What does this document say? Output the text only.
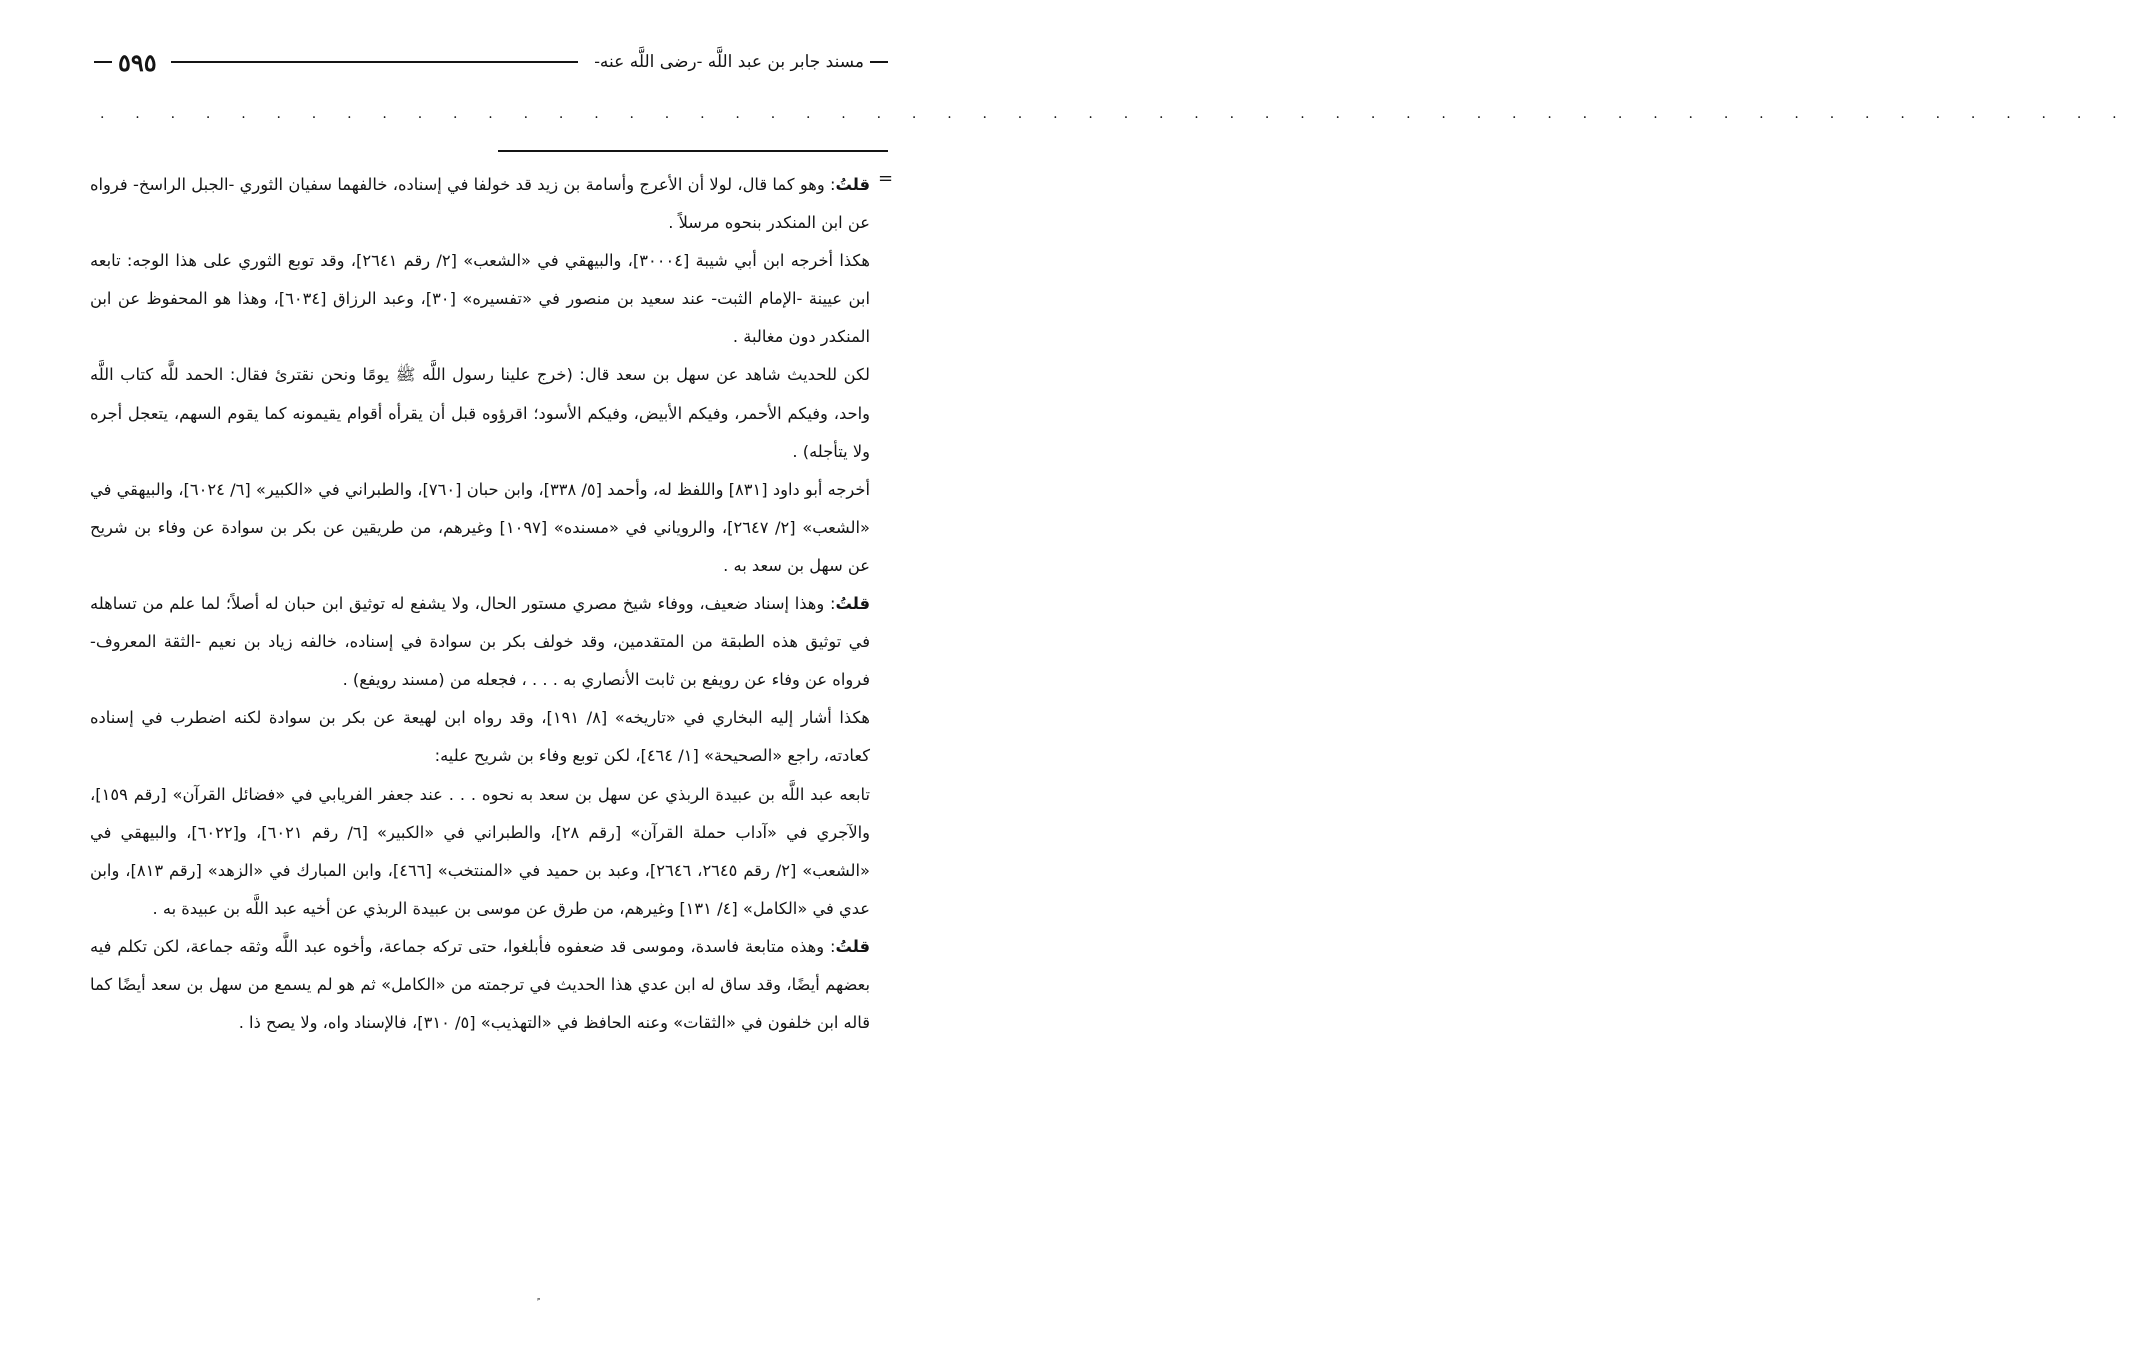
مسند جابر بن عبد اللَّه -رضى اللَّه عنه-
٥٩٥
. . . . . . . . . . . . . . . . . . . . . . . . . . . . . . . . . . . . . . . . . . . . . . . . . . . . . . . . . .
=

قلتُ: وهو كما قال، لولا أن الأعرج وأسامة بن زيد قد خولفا في إسناده، خالفهما سفيان الثوري -الجبل الراسخ- فرواه عن ابن المنكدر بنحوه مرسلاً .

هكذا أخرجه ابن أبي شيبة [٣٠٠٠٤]، والبيهقي في «الشعب» [٢/ رقم ٢٦٤١]، وقد توبع الثوري على هذا الوجه: تابعه ابن عيينة -الإمام الثبت- عند سعيد بن منصور في «تفسيره» [٣٠]، وعبد الرزاق [٦٠٣٤]، وهذا هو المحفوظ عن ابن المنكدر دون مغالبة .

لكن للحديث شاهد عن سهل بن سعد قال: (خرج علينا رسول اللَّه ﷺ يومًا ونحن نقترئ فقال: الحمد للَّه كتاب اللَّه واحد، وفيكم الأحمر، وفيكم الأبيض، وفيكم الأسود؛ اقرؤوه قبل أن يقرأه أقوام يقيمونه كما يقوم السهم، يتعجل أجره ولا يتأجله) .

أخرجه أبو داود [٨٣١] واللفظ له، وأحمد [٥/ ٣٣٨]، وابن حبان [٧٦٠]، والطبراني في «الكبير» [٦/ ٦٠٢٤]، والبيهقي في «الشعب» [٢/ ٢٦٤٧]، والروياني في «مسنده» [١٠٩٧] وغيرهم، من طريقين عن بكر بن سوادة عن وفاء بن شريح عن سهل بن سعد به .

قلتُ: وهذا إسناد ضعيف، ووفاء شيخ مصري مستور الحال، ولا يشفع له توثيق ابن حبان له أصلاً؛ لما علم من تساهله في توثيق هذه الطبقة من المتقدمين، وقد خولف بكر بن سوادة في إسناده، خالفه زياد بن نعيم -الثقة المعروف- فرواه عن وفاء عن رويفع بن ثابت الأنصاري به . . . ، فجعله من (مسند رويفع) .

هكذا أشار إليه البخاري في «تاريخه» [٨/ ١٩١]، وقد رواه ابن لهيعة عن بكر بن سوادة لكنه اضطرب في إسناده كعادته، راجع «الصحيحة» [١/ ٤٦٤]، لكن توبع وفاء بن شريح عليه:

تابعه عبد اللَّه بن عبيدة الربذي عن سهل بن سعد به نحوه . . . عند جعفر الفريابي في «فضائل القرآن» [رقم ١٥٩]، والآجري في «آداب حملة القرآن» [رقم ٢٨]، والطبراني في «الكبير» [٦/ رقم ٦٠٢١]، و[٦٠٢٢]، والبيهقي في «الشعب» [٢/ رقم ٢٦٤٥، ٢٦٤٦]، وعبد بن حميد في «المنتخب» [٤٦٦]، وابن المبارك في «الزهد» [رقم ٨١٣]، وابن عدي في «الكامل» [٤/ ١٣١] وغيرهم، من طرق عن موسى بن عبيدة الربذي عن أخيه عبد اللَّه بن عبيدة به .

قلتُ: وهذه متابعة فاسدة، وموسى قد ضعفوه فأبلغوا، حتى تركه جماعة، وأخوه عبد اللَّه وثقه جماعة، لكن تكلم فيه بعضهم أيضًا، وقد ساق له ابن عدي هذا الحديث في ترجمته من «الكامل» ثم هو لم يسمع من سهل بن سعد أيضًا كما قاله ابن خلفون في «الثقات» وعنه الحافظ في «التهذيب» [٥/ ٣١٠]، فالإسناد واه، ولا يصح ذا .
